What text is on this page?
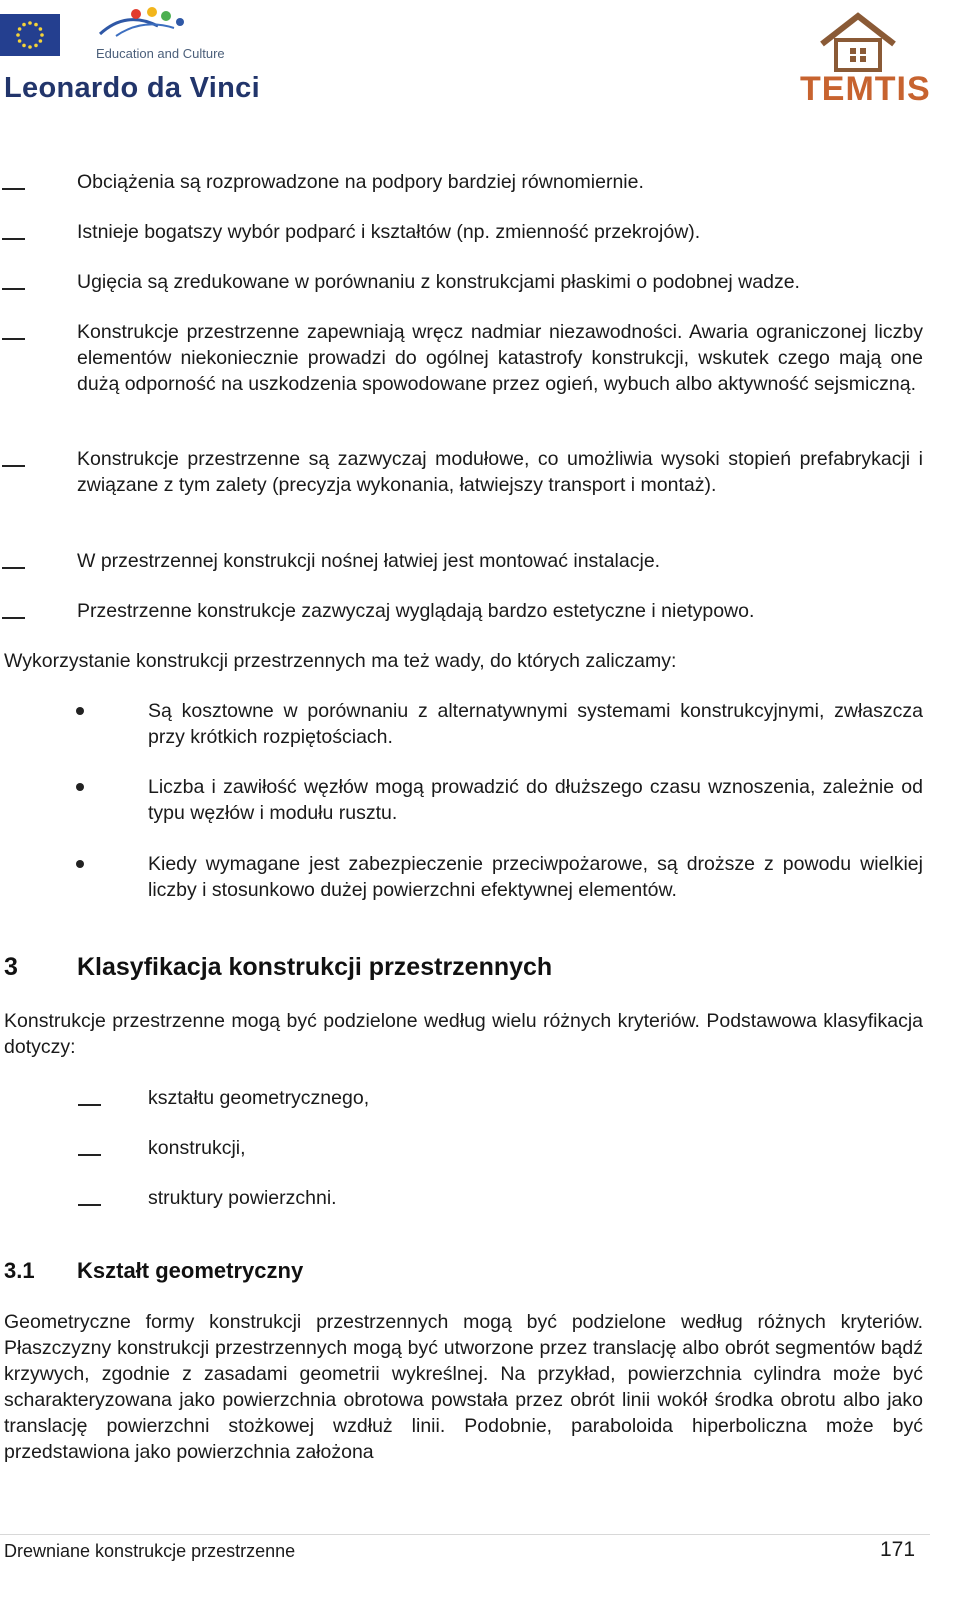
Education and Culture
Leonardo da Vinci	TEMTIS
Obciążenia są rozprowadzone na podpory bardziej równomiernie.
Istnieje bogatszy wybór podparć i kształtów (np. zmienność przekrojów).
Ugięcia są zredukowane w porównaniu z konstrukcjami płaskimi o podobnej wadze.
Konstrukcje przestrzenne zapewniają wręcz nadmiar niezawodności. Awaria ograniczonej liczby elementów niekoniecznie prowadzi do ogólnej katastrofy konstrukcji, wskutek czego mają one dużą odporność na uszkodzenia spowodowane przez ogień, wybuch albo aktywność sejsmiczną.
Konstrukcje przestrzenne są zazwyczaj modułowe, co umożliwia wysoki stopień prefabrykacji i związane z tym zalety (precyzja wykonania, łatwiejszy transport i montaż).
W przestrzennej konstrukcji nośnej łatwiej jest montować instalacje.
Przestrzenne konstrukcje zazwyczaj wyglądają bardzo estetyczne i nietypowo.
Wykorzystanie konstrukcji przestrzennych ma też wady, do których zaliczamy:
Są kosztowne w porównaniu z alternatywnymi systemami konstrukcyjnymi, zwłaszcza przy krótkich rozpiętościach.
Liczba i zawiłość węzłów mogą prowadzić do dłuższego czasu wznoszenia, zależnie od typu węzłów i modułu rusztu.
Kiedy wymagane jest zabezpieczenie przeciwpożarowe, są droższe z powodu wielkiej liczby i stosunkowo dużej powierzchni efektywnej elementów.
3 Klasyfikacja konstrukcji przestrzennych
Konstrukcje przestrzenne mogą być podzielone według wielu różnych kryteriów. Podstawowa klasyfikacja dotyczy:
kształtu geometrycznego,
konstrukcji,
struktury powierzchni.
3.1 Kształt geometryczny
Geometryczne formy konstrukcji przestrzennych mogą być podzielone według różnych kryteriów. Płaszczyzny konstrukcji przestrzennych mogą być utworzone przez translację albo obrót segmentów bądź krzywych, zgodnie z zasadami geometrii wykreślnej. Na przykład, powierzchnia cylindra może być scharakteryzowana jako powierzchnia obrotowa powstała przez obrót linii wokół środka obrotu albo jako translację powierzchni stożkowej wzdłuż linii. Podobnie, paraboloida hiperboliczna może być przedstawiona jako powierzchnia założona
Drewniane konstrukcje przestrzenne	171
